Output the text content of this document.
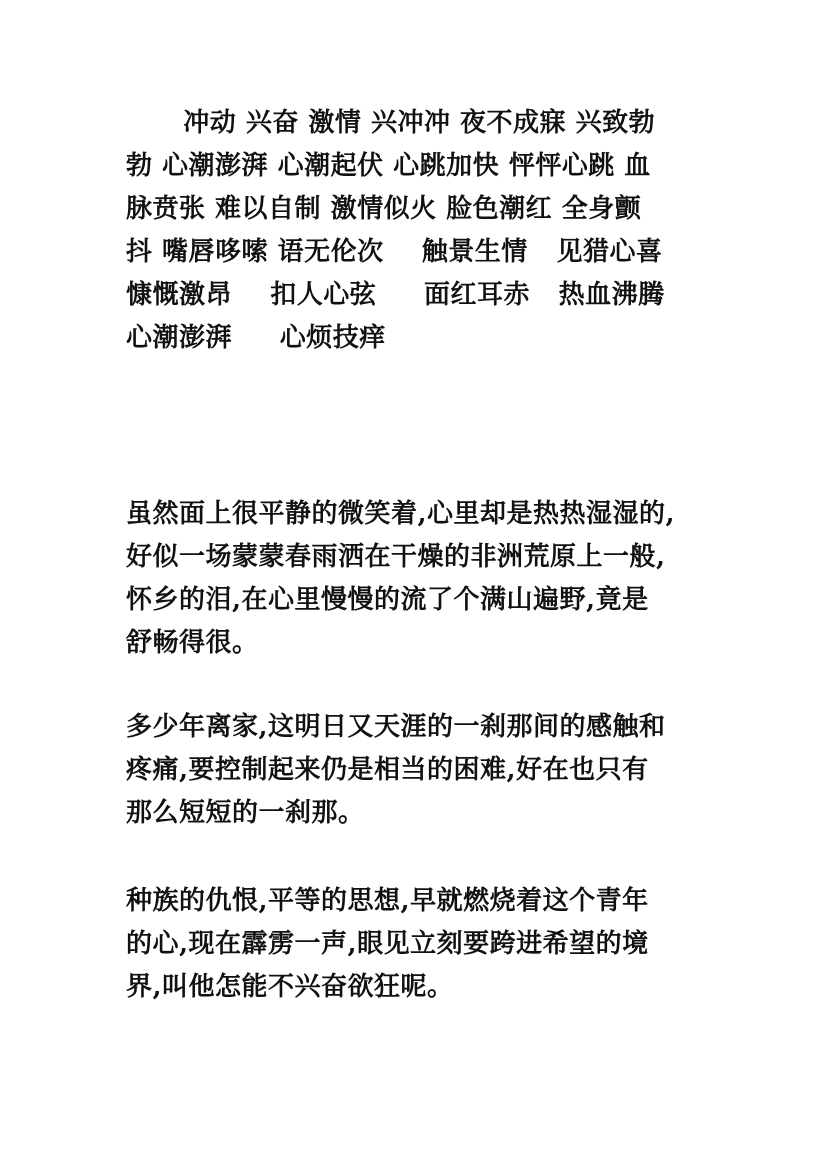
冲动 兴奋 激情 兴冲冲 夜不成寐 兴致勃
勃 心潮澎湃 心潮起伏 心跳加快 怦怦心跳 血
脉贲张 难以自制 激情似火 脸色潮红 全身颤
抖 嘴唇哆嗦 语无伦次    触景生情   见猎心喜
慷慨激昂    扣人心弦     面红耳赤   热血沸腾
心潮澎湃     心烦技痒
虽然面上很平静的微笑着,心里却是热热湿湿的,
好似一场蒙蒙春雨洒在干燥的非洲荒原上一般,
怀乡的泪,在心里慢慢的流了个满山遍野,竟是
舒畅得很。
多少年离家,这明日又天涯的一刹那间的感触和
疼痛,要控制起来仍是相当的困难,好在也只有
那么短短的一刹那。
种族的仇恨,平等的思想,早就燃烧着这个青年
的心,现在霹雳一声,眼见立刻要跨进希望的境
界,叫他怎能不兴奋欲狂呢。
